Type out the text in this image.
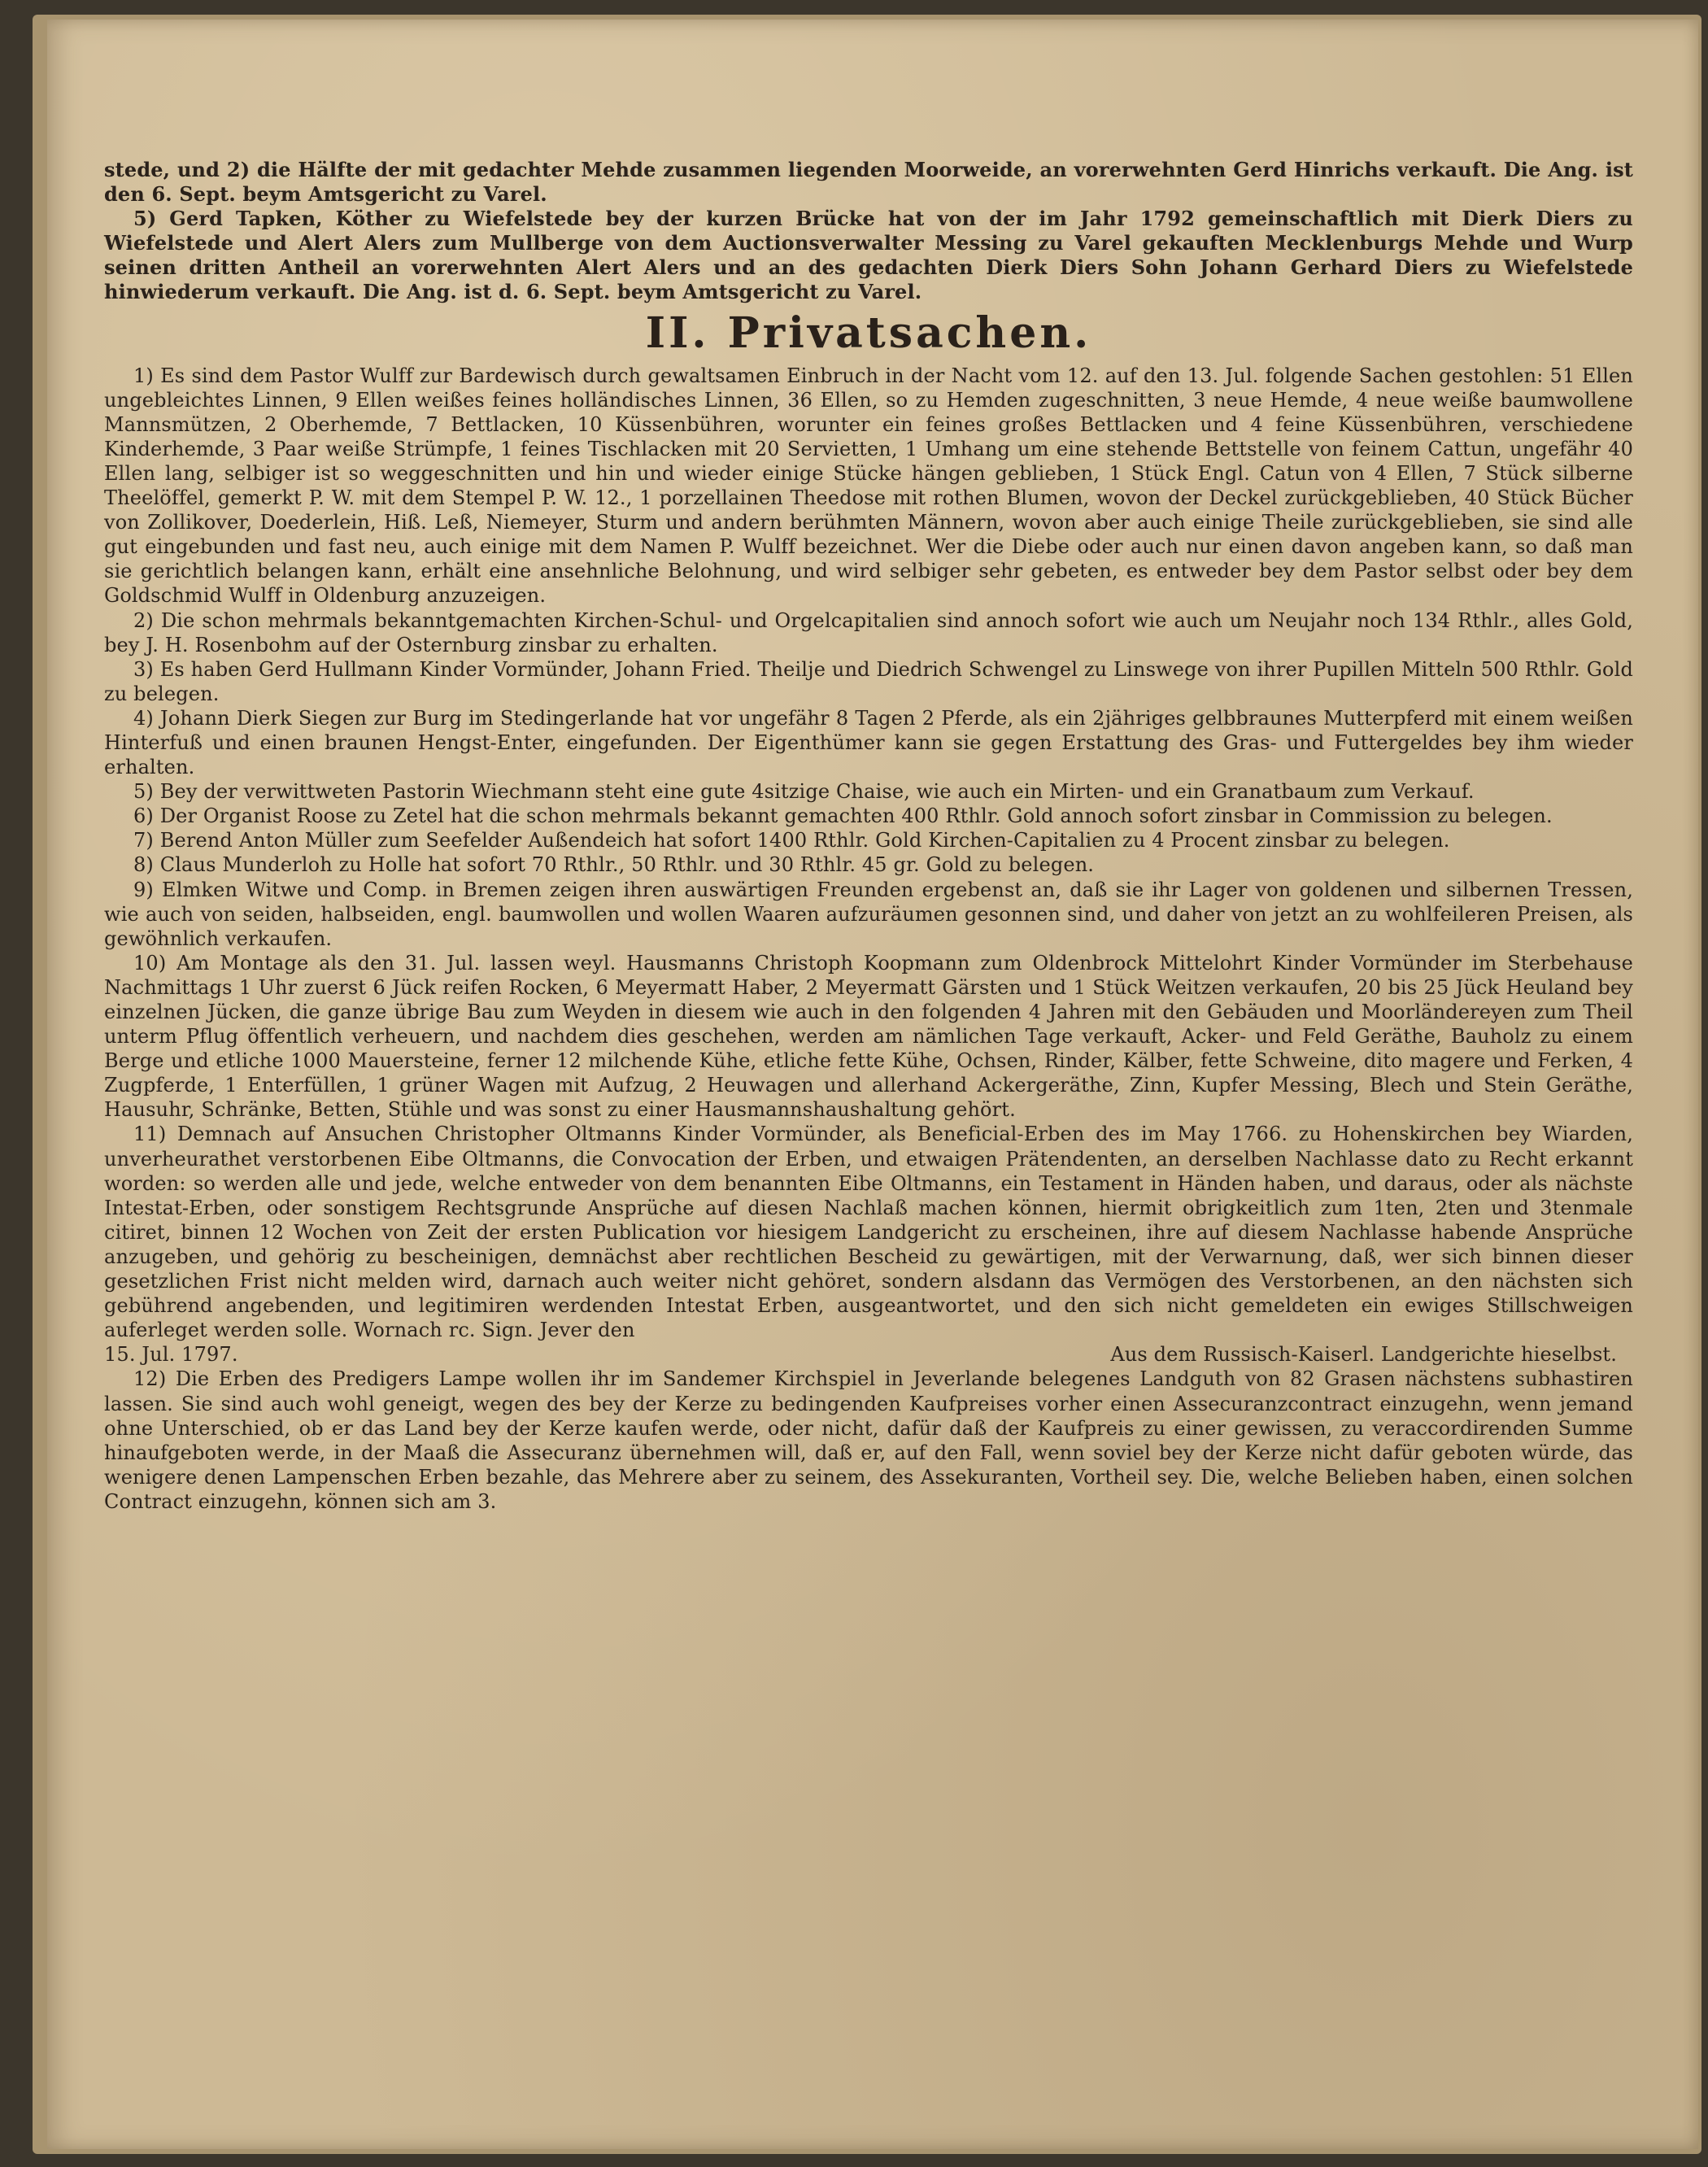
stede, und 2) die Hälfte der mit gedachter Mehde zusammen liegenden Moorweide, an vorerwehnten Gerd Hinrichs verkauft. Die Ang. ist den 6. Sept. beym Amtsgericht zu Varel.

5) Gerd Tapken, Köther zu Wiefelstede bey der kurzen Brücke hat von der im Jahr 1792 gemeinschaftlich mit Dierk Diers zu Wiefelstede und Alert Alers zum Mullberge von dem Auctionsverwalter Messing zu Varel gekauften Mecklenburgs Mehde und Wurp seinen dritten Antheil an vorerwehnten Alert Alers und an des gedachten Dierk Diers Sohn Johann Gerhard Diers zu Wiefelstede hinwiederum verkauft. Die Ang. ist d. 6. Sept. beym Amtsgericht zu Varel.

II. Privatsachen.

1) Es sind dem Pastor Wulff zur Bardewisch durch gewaltsamen Einbruch in der Nacht vom 12. auf den 13. Jul. folgende Sachen gestohlen: 51 Ellen ungebleichtes Linnen, 9 Ellen weißes feines holländisches Linnen, 36 Ellen, so zu Hemden zugeschnitten, 3 neue Hemde, 4 neue weiße baumwollene Mannsmützen, 2 Oberhemde, 7 Bettlacken, 10 Küssenbühren, worunter ein feines großes Bettlacken und 4 feine Küssenbühren, verschiedene Kinderhemde, 3 Paar weiße Strümpfe, 1 feines Tischlacken mit 20 Servietten, 1 Umhang um eine stehende Bettstelle von feinem Cattun, ungefähr 40 Ellen lang, selbiger ist so weggeschnitten und hin und wieder einige Stücke hängen geblieben, 1 Stück Engl. Catun von 4 Ellen, 7 Stück silberne Theelöffel, gemerkt P. W. mit dem Stempel P. W. 12., 1 porzellainen Theedose mit rothen Blumen, wovon der Deckel zurückgeblieben, 40 Stück Bücher von Zollikover, Doederlein, Hiß. Leß, Niemeyer, Sturm und andern berühmten Männern, wovon aber auch einige Theile zurückgeblieben, sie sind alle gut eingebunden und fast neu, auch einige mit dem Namen P. Wulff bezeichnet. Wer die Diebe oder auch nur einen davon angeben kann, so daß man sie gerichtlich belangen kann, erhält eine ansehnliche Belohnung, und wird selbiger sehr gebeten, es entweder bey dem Pastor selbst oder bey dem Goldschmid Wulff in Oldenburg anzuzeigen.

2) Die schon mehrmals bekanntgemachten Kirchen-Schul- und Orgelcapitalien sind annoch sofort wie auch um Neujahr noch 134 Rthlr., alles Gold, bey J. H. Rosenbohm auf der Osternburg zinsbar zu erhalten.

3) Es haben Gerd Hullmann Kinder Vormünder, Johann Fried. Theilje und Diedrich Schwengel zu Linswege von ihrer Pupillen Mitteln 500 Rthlr. Gold zu belegen.

4) Johann Dierk Siegen zur Burg im Stedingerlande hat vor ungefähr 8 Tagen 2 Pferde, als ein 2jähriges gelbbraunes Mutterpferd mit einem weißen Hinterfuß und einen braunen Hengst-Enter, eingefunden. Der Eigenthümer kann sie gegen Erstattung des Gras- und Futtergeldes bey ihm wieder erhalten.

5) Bey der verwittweten Pastorin Wiechmann steht eine gute 4sitzige Chaise, wie auch ein Mirten- und ein Granatbaum zum Verkauf.

6) Der Organist Roose zu Zetel hat die schon mehrmals bekannt gemachten 400 Rthlr. Gold annoch sofort zinsbar in Commission zu belegen.

7) Berend Anton Müller zum Seefelder Außendeich hat sofort 1400 Rthlr. Gold Kirchen-Capitalien zu 4 Procent zinsbar zu belegen.

8) Claus Munderloh zu Holle hat sofort 70 Rthlr., 50 Rthlr. und 30 Rthlr. 45 gr. Gold zu belegen.

9) Elmken Witwe und Comp. in Bremen zeigen ihren auswärtigen Freunden ergebenst an, daß sie ihr Lager von goldenen und silbernen Tressen, wie auch von seiden, halbseiden, engl. baumwollen und wollen Waaren aufzuräumen gesonnen sind, und daher von jetzt an zu wohlfeileren Preisen, als gewöhnlich verkaufen.

10) Am Montage als den 31. Jul. lassen weyl. Hausmanns Christoph Koopmann zum Oldenbrock Mittelohrt Kinder Vormünder im Sterbehause Nachmittags 1 Uhr zuerst 6 Jück reifen Rocken, 6 Meyermatt Haber, 2 Meyermatt Gärsten und 1 Stück Weitzen verkaufen, 20 bis 25 Jück Heuland bey einzelnen Jücken, die ganze übrige Bau zum Weyden in diesem wie auch in den folgenden 4 Jahren mit den Gebäuden und Moorländereyen zum Theil unterm Pflug öffentlich verheuern, und nachdem dies geschehen, werden am nämlichen Tage verkauft, Acker- und Feld Geräthe, Bauholz zu einem Berge und etliche 1000 Mauersteine, ferner 12 milchende Kühe, etliche fette Kühe, Ochsen, Rinder, Kälber, fette Schweine, dito magere und Ferken, 4 Zugpferde, 1 Enterfüllen, 1 grüner Wagen mit Aufzug, 2 Heuwagen und allerhand Ackergeräthe, Zinn, Kupfer Messing, Blech und Stein Geräthe, Hausuhr, Schränke, Betten, Stühle und was sonst zu einer Hausmannshaushaltung gehört.

11) Demnach auf Ansuchen Christopher Oltmanns Kinder Vormünder, als Beneficial-Erben des im May 1766. zu Hohenskirchen bey Wiarden, unverheurathet verstorbenen Eibe Oltmanns, die Convocation der Erben, und etwaigen Prätendenten, an derselben Nachlasse dato zu Recht erkannt worden: so werden alle und jede, welche entweder von dem benannten Eibe Oltmanns, ein Testament in Händen haben, und daraus, oder als nächste Intestat-Erben, oder sonstigem Rechtsgrunde Ansprüche auf diesen Nachlaß machen können, hiermit obrigkeitlich zum 1ten, 2ten und 3tenmale citiret, binnen 12 Wochen von Zeit der ersten Publication vor hiesigem Landgericht zu erscheinen, ihre auf diesem Nachlasse habende Ansprüche anzugeben, und gehörig zu bescheinigen, demnächst aber rechtlichen Bescheid zu gewärtigen, mit der Verwarnung, daß, wer sich binnen dieser gesetzlichen Frist nicht melden wird, darnach auch weiter nicht gehöret, sondern alsdann das Vermögen des Verstorbenen, an den nächsten sich gebührend angebenden, und legitimiren werdenden Intestat Erben, ausgeantwortet, und den sich nicht gemeldeten ein ewiges Stillschweigen auferleget werden solle. Wornach rc. Sign. Jever den

15. Jul. 1797.	Aus dem Russisch-Kaiserl. Landgerichte hieselbst.

12) Die Erben des Predigers Lampe wollen ihr im Sandemer Kirchspiel in Jeverlande belegenes Landguth von 82 Grasen nächstens subhastiren lassen. Sie sind auch wohl geneigt, wegen des bey der Kerze zu bedingenden Kaufpreises vorher einen Assecuranzcontract einzugehn, wenn jemand ohne Unterschied, ob er das Land bey der Kerze kaufen werde, oder nicht, dafür daß der Kaufpreis zu einer gewissen, zu veraccordirenden Summe hinaufgeboten werde, in der Maaß die Assecuranz übernehmen will, daß er, auf den Fall, wenn soviel bey der Kerze nicht dafür geboten würde, das wenigere denen Lampenschen Erben bezahle, das Mehrere aber zu seinem, des Assekuranten, Vortheil sey. Die, welche Belieben haben, einen solchen Contract einzugehn, können sich am 3.
